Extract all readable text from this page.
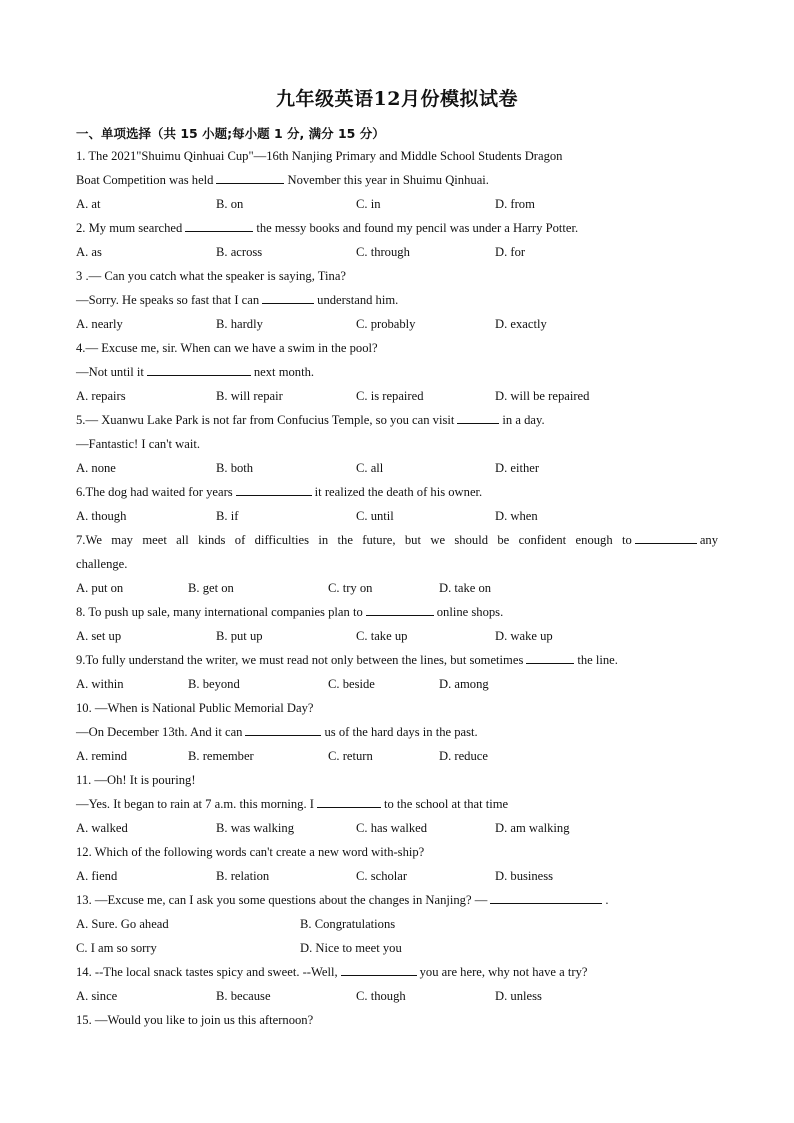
九年级英语12月份模拟试卷
一、单项选择（共 15 小题;每小题 1 分, 满分 15 分）
1. The 2021"Shuimu Qinhuai Cup"—16th Nanjing Primary and Middle School Students Dragon
Boat Competition was held	November this year in Shuimu Qinhuai.
A. at	B. on	C. in	D. from
2. My mum searched	the messy books and found my pencil was under a Harry Potter.
A. as	B. across	C. through	D. for
3 .— Can you catch what the speaker is saying, Tina?
—Sorry. He speaks so fast that I can	understand him.
A. nearly	B. hardly	C. probably	D. exactly
4.— Excuse me, sir. When can we have a swim in the pool?
—Not until it	next month.
A. repairs	B. will repair	C. is repaired	D. will be repaired
5.— Xuanwu Lake Park is not far from Confucius Temple, so you can visit	in a day.
—Fantastic! I can't wait.
A. none	B. both	C. all	D. either
6.The dog had waited for years	it realized the death of his owner.
A. though	B. if	C. until	D. when
7.We may meet all kinds of difficulties in the future, but we should be confident enough to	any
challenge.
A. put on	B. get on	C. try on	D. take on
8. To push up sale, many international companies plan to	online shops.
A. set up	B. put up	C. take up	D. wake up
9.To fully understand the writer, we must read not only between the lines, but sometimes	the line.
A. within	B. beyond	C. beside	D. among
10. —When is National Public Memorial Day?
—On December 13th. And it can	us of the hard days in the past.
A. remind	B. remember	C. return	D. reduce
11. —Oh! It is pouring!
—Yes. It began to rain at 7 a.m. this morning. I	to the school at that time
A. walked	B. was walking	C. has walked	D. am walking
12. Which of the following words can't create a new word with-ship?
A. fiend	B. relation	C. scholar	D. business
13. —Excuse me, can I ask you some questions about the changes in Nanjing? —	.
A. Sure. Go ahead	B. Congratulations
C. I am so sorry	D. Nice to meet you
14. --The local snack tastes spicy and sweet. --Well,	you are here, why not have a try?
A. since	B. because	C. though	D. unless
15. —Would you like to join us this afternoon?
